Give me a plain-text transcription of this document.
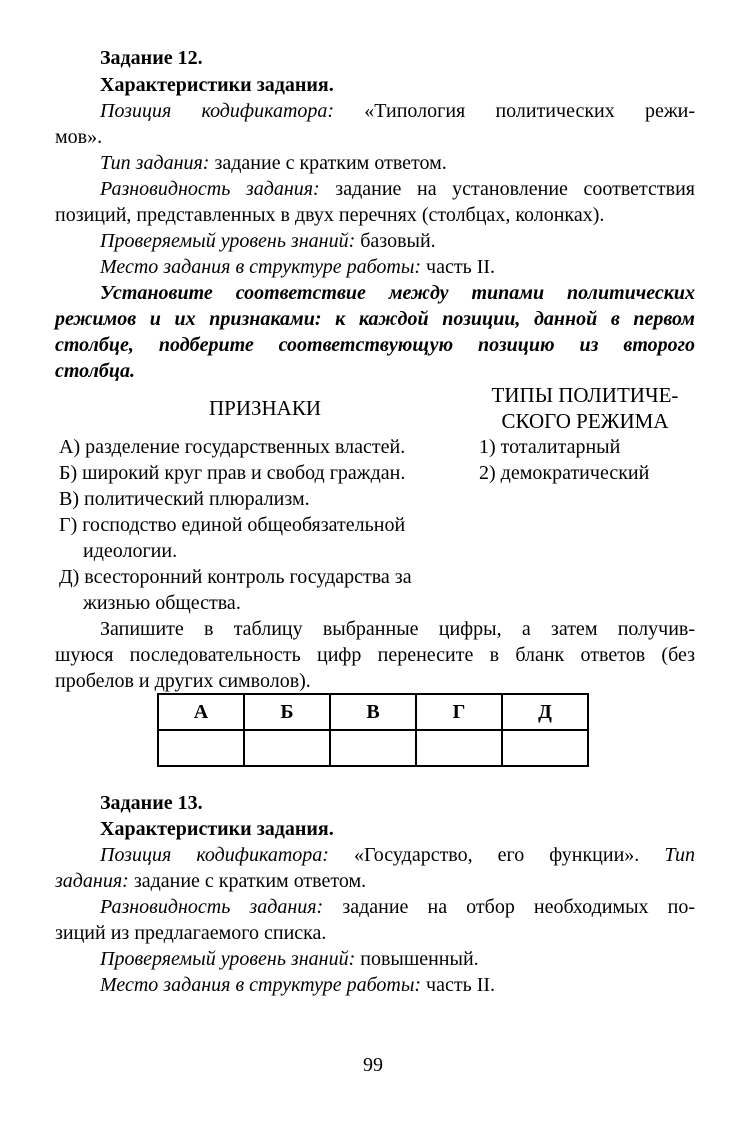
Задание 12.
Характеристики задания.
Позиция кодификатора: «Типология политических режи-
мов».
Тип задания: задание с кратким ответом.
Разновидность задания: задание на установление соответствия
позиций, представленных в двух перечнях (столбцах, колонках).
Проверяемый уровень знаний: базовый.
Место задания в структуре работы: часть II.
Установите соответствие между типами политических
режимов и их признаками: к каждой позиции, данной в первом
столбце, подберите соответствующую позицию из второго
столбца.
ПРИЗНАКИ
ТИПЫ ПОЛИТИЧЕ-
СКОГО РЕЖИМА
А) разделение государственных властей.
Б) широкий круг прав и свобод граждан.
В) политический плюрализм.
Г) господство единой общеобязательной
идеологии.
Д) всесторонний контроль государства за
жизнью общества.
1) тоталитарный
2) демократический
Запишите в таблицу выбранные цифры, а затем получив-
шуюся последовательность цифр перенесите в бланк ответов (без
пробелов и других символов).
А	Б	В	Г	Д

Задание 13.
Характеристики задания.
Позиция кодификатора: «Государство, его функции». Тип
задания: задание с кратким ответом.
Разновидность задания: задание на отбор необходимых по-
зиций из предлагаемого списка.
Проверяемый уровень знаний: повышенный.
Место задания в структуре работы: часть II.
99
